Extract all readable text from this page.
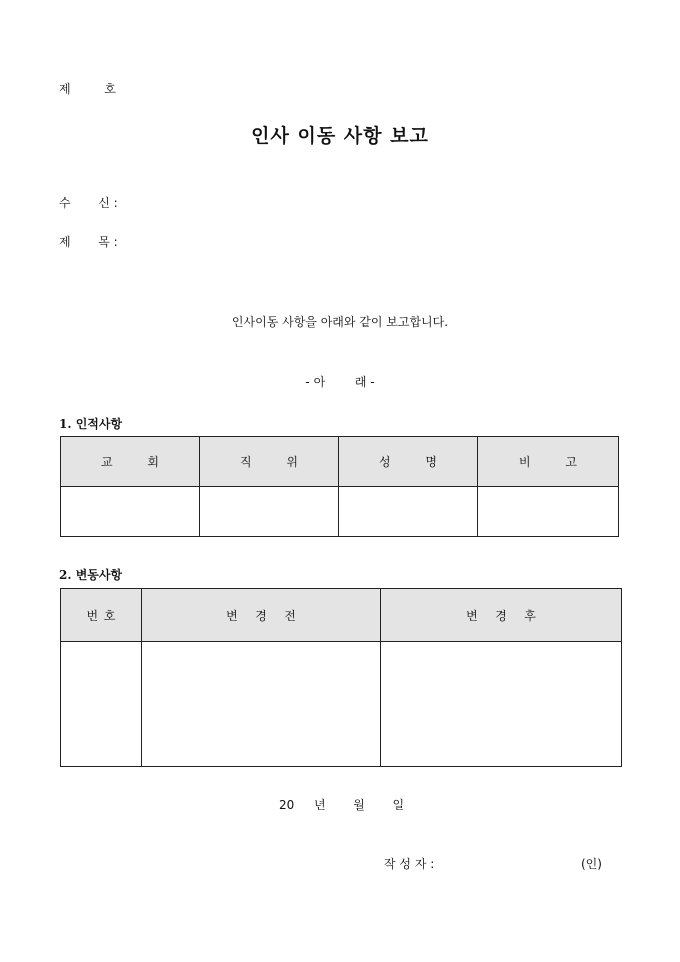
제	호
인사 이동 사항 보고
수 신 :
제 목 :
인사이동 사항을 아래와 같이 보고합니다.
- 아 래 -
1. 인적사항
교      회	직      위	성      명	비      고

2. 변동사항
번 호	변   경   전	변   경   후

20 년 월 일
작 성 자 :	(인)
